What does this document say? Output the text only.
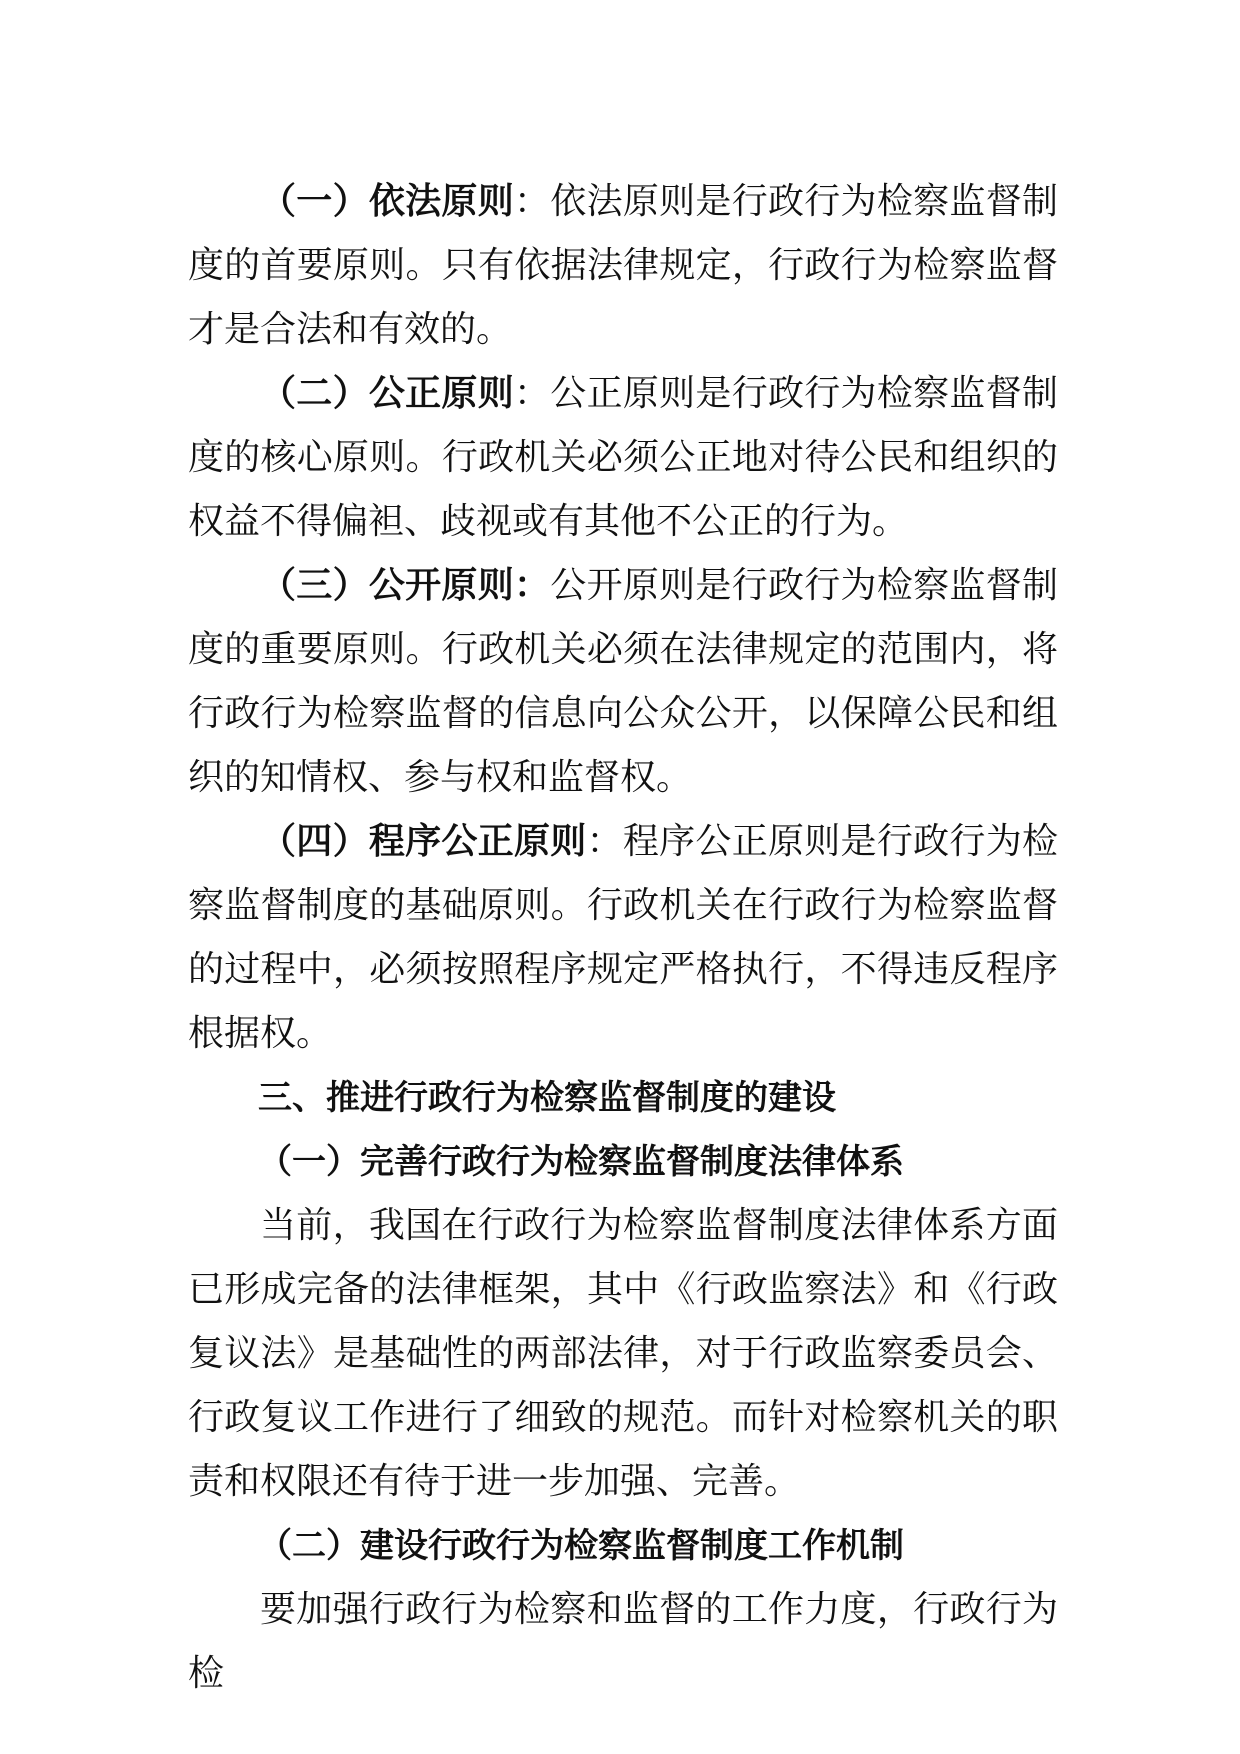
（一）依法原则：依法原则是行政行为检察监督制度的首要原则。只有依据法律规定，行政行为检察监督才是合法和有效的。

（二）公正原则：公正原则是行政行为检察监督制度的核心原则。行政机关必须公正地对待公民和组织的权益不得偏袒、歧视或有其他不公正的行为。

（三）公开原则：公开原则是行政行为检察监督制度的重要原则。行政机关必须在法律规定的范围内，将行政行为检察监督的信息向公众公开，以保障公民和组织的知情权、参与权和监督权。

（四）程序公正原则：程序公正原则是行政行为检察监督制度的基础原则。行政机关在行政行为检察监督的过程中，必须按照程序规定严格执行，不得违反程序根据权。

三、推进行政行为检察监督制度的建设

（一）完善行政行为检察监督制度法律体系

当前，我国在行政行为检察监督制度法律体系方面已形成完备的法律框架，其中《行政监察法》和《行政复议法》是基础性的两部法律，对于行政监察委员会、行政复议工作进行了细致的规范。而针对检察机关的职责和权限还有待于进一步加强、完善。

（二）建设行政行为检察监督制度工作机制

要加强行政行为检察和监督的工作力度，行政行为检
